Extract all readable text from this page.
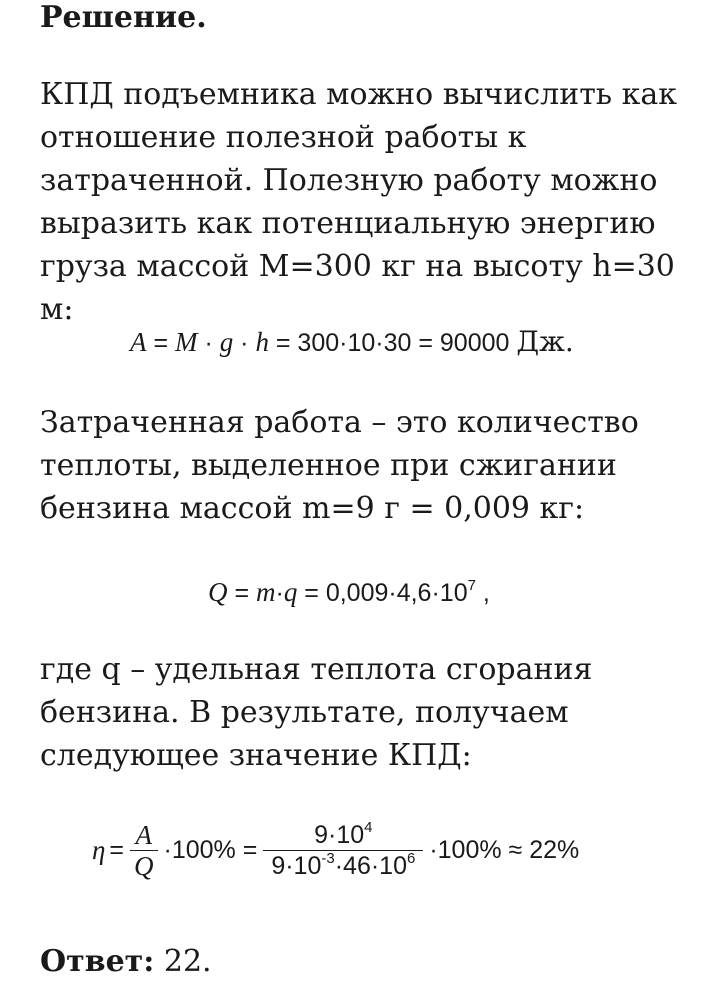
Решение.

КПД подъемника можно вычислить как отношение полезной работы к затраченной. Полезную работу можно выразить как потенциальную энергию груза массой M=300 кг на высоту h=30 м:

A = M · g · h = 300·10·30 = 90000 Дж.

Затраченная работа – это количество теплоты, выделенное при сжигании бензина массой m=9 г = 0,009 кг:

$Q = m\cdot q = 0,009\cdot 4,6\cdot 10^7$ ,

где q – удельная теплота сгорания бензина. В результате, получаем следующее значение КПД:

$\eta = \frac{A}{Q} \cdot 100\% = \frac{9\cdot 10^4}{9\cdot 10^{-3}\cdot 46\cdot 10^6} \cdot 100\% \approx 22\%$
Ответ: 22.
